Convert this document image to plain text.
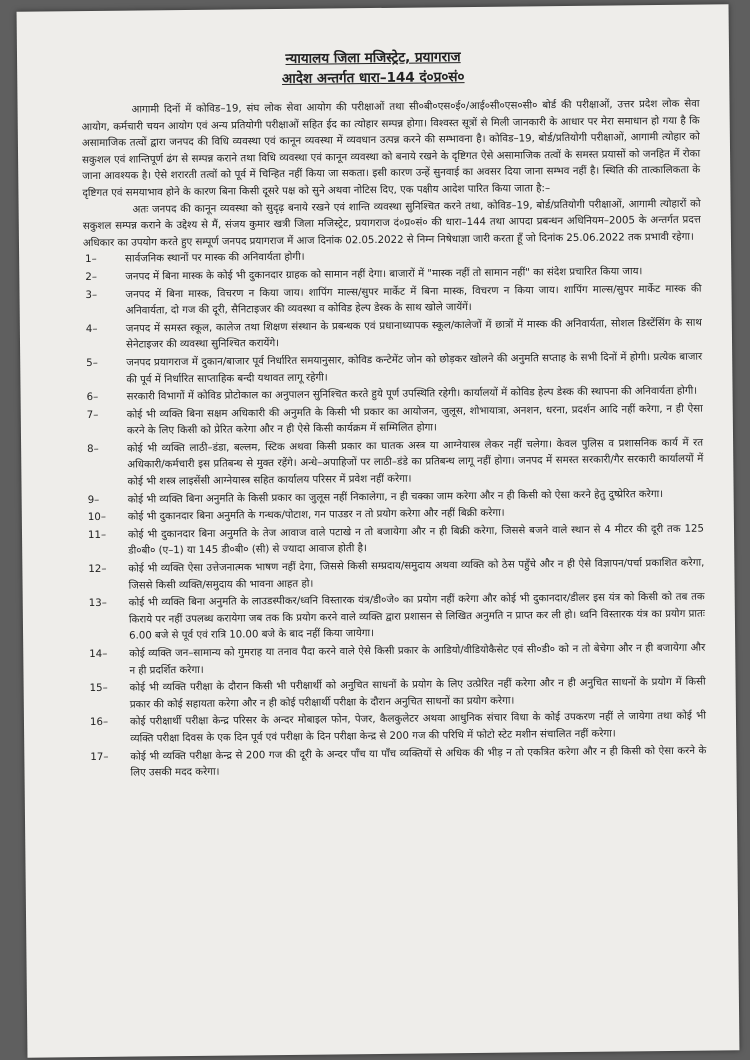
न्यायालय जिला मजिस्ट्रेट, प्रयागराज
आदेश अन्तर्गत धारा–144 दं०प्र०सं०

आगामी दिनों में कोविड–19, संघ लोक सेवा आयोग की परीक्षाओं तथा सी०बी०एस०ई०/आई०सी०एस०सी० बोर्ड की परीक्षाओं, उत्तर प्रदेश लोक सेवा आयोग, कर्मचारी चयन आयोग एवं अन्य प्रतियोगी परीक्षाओं सहित ईद का त्योहार सम्पन्न होगा। विश्वस्त सूत्रों से मिली जानकारी के आधार पर मेरा समाधान हो गया है कि असामाजिक तत्वों द्वारा जनपद की विधि व्यवस्था एवं कानून व्यवस्था में व्यवधान उत्पन्न करने की सम्भावना है। कोविड–19, बोर्ड/प्रतियोगी परीक्षाओं, आगामी त्योहार को सकुशल एवं शान्तिपूर्ण ढंग से सम्पन्न कराने तथा विधि व्यवस्था एवं कानून व्यवस्था को बनाये रखने के दृष्टिगत ऐसे असामाजिक तत्वों के समस्त प्रयासों को जनहित में रोका जाना आवश्यक है। ऐसे शरारती तत्वों को पूर्व में चिन्हित नहीं किया जा सकता। इसी कारण उन्हें सुनवाई का अवसर दिया जाना सम्भव नहीं है। स्थिति की तात्कालिकता के दृष्टिगत एवं समयाभाव होने के कारण बिना किसी दूसरे पक्ष को सुने अथवा नोटिस दिए, एक पक्षीय आदेश पारित किया जाता है:–

अतः जनपद की कानून व्यवस्था को सुदृढ़ बनाये रखने एवं शान्ति व्यवस्था सुनिश्चित करने तथा, कोविड–19, बोर्ड/प्रतियोगी परीक्षाओं, आगामी त्योहारों को सकुशल सम्पन्न कराने के उद्देश्य से मैं, संजय कुमार खत्री जिला मजिस्ट्रेट, प्रयागराज दं०प्र०सं० की धारा–144 तथा आपदा प्रबन्धन अधिनियम–2005 के अन्तर्गत प्रदत्त अधिकार का उपयोग करते हुए सम्पूर्ण जनपद प्रयागराज में आज दिनांक 02.05.2022 से निम्न निषेधाज्ञा जारी करता हूँ जो दिनांक 25.06.2022 तक प्रभावी रहेगा।

1–	सार्वजनिक स्थानों पर मास्क की अनिवार्यता होगी।
2–	जनपद में बिना मास्क के कोई भी दुकानदार ग्राहक को सामान नहीं देगा। बाजारों में "मास्क नहीं तो सामान नहीं" का संदेश प्रचारित किया जाय।
3–	जनपद में बिना मास्क, विचरण न किया जाय। शापिंग माल्स/सुपर मार्केट में बिना मास्क, विचरण न किया जाय। शापिंग माल्स/सुपर मार्केट मास्क की अनिवार्यता, दो गज की दूरी, सैनिटाइजर की व्यवस्था व कोविड हेल्प डेस्क के साथ खोले जायेंगें।
4–	जनपद में समस्त स्कूल, कालेज तथा शिक्षण संस्थान के प्रबन्धक एवं प्रधानाध्यापक स्कूल/कालेजों में छात्रों में मास्क की अनिवार्यता, सोशल डिस्टेंसिंग के साथ सेनेटाइजर की व्यवस्था सुनिश्चित करायेंगे।
5–	जनपद प्रयागराज में दुकान/बाजार पूर्व निर्धारित समयानुसार, कोविड कन्टेमेंट जोन को छोड़कर खोलने की अनुमति सप्ताह के सभी दिनों में होगी। प्रत्येक बाजार की पूर्व में निर्धारित साप्ताहिक बन्दी यथावत लागू रहेगी।
6–	सरकारी विभागों में कोविड प्रोटोकाल का अनुपालन सुनिश्चित करते हुये पूर्ण उपस्थिति रहेगी। कार्यालयों में कोविड हेल्प डेस्क की स्थापना की अनिवार्यता होगी।
7–	कोई भी व्यक्ति बिना सक्षम अधिकारी की अनुमति के किसी भी प्रकार का आयोजन, जुलूस, शोभायात्रा, अनशन, धरना, प्रदर्शन आदि नहीं करेगा, न ही ऐसा करने के लिए किसी को प्रेरित करेगा और न ही ऐसे किसी कार्यक्रम में सम्मिलित होगा।
8–	कोई भी व्यक्ति लाठी–डंडा, बल्लम, स्टिक अथवा किसी प्रकार का घातक अस्त्र या आग्नेयास्त्र लेकर नहीं चलेगा। केवल पुलिस व प्रशासनिक कार्य में रत अधिकारी/कर्मचारी इस प्रतिबन्ध से मुक्त रहेंगे। अन्धे–अपाहिजों पर लाठी–डंडे का प्रतिबन्ध लागू नहीं होगा। जनपद में समस्त सरकारी/गैर सरकारी कार्यालयों में कोई भी शस्त्र लाइसेंसी आग्नेयास्त्र सहित कार्यालय परिसर में प्रवेश नहीं करेगा।
9–	कोई भी व्यक्ति बिना अनुमति के किसी प्रकार का जुलूस नहीं निकालेगा, न ही चक्का जाम करेगा और न ही किसी को ऐसा करने हेतु दुष्प्रेरित करेगा।
10–	कोई भी दुकानदार बिना अनुमति के गन्धक/पोटाश, गन पाउडर न तो प्रयोग करेगा और नहीं बिक्री करेगा।
11–	कोई भी दुकानदार बिना अनुमति के तेज आवाज वाले पटाखे न तो बजायेगा और न ही बिक्री करेगा, जिससे बजने वाले स्थान से 4 मीटर की दूरी तक 125 डी०बी० (ए–1) या 145 डी०बी० (सी) से ज्यादा आवाज होती है।
12–	कोई भी व्यक्ति ऐसा उत्तेजनात्मक भाषण नहीं देगा, जिससे किसी सम्प्रदाय/समुदाय अथवा व्यक्ति को ठेस पहुँचे और न ही ऐसे विज्ञापन/पर्चा प्रकाशित करेगा, जिससे किसी व्यक्ति/समुदाय की भावना आहत हो।
13–	कोई भी व्यक्ति बिना अनुमति के लाउडस्पीकर/ध्वनि विस्तारक यंत्र/डी०जे० का प्रयोग नहीं करेगा और कोई भी दुकानदार/डीलर इस यंत्र को किसी को तब तक किराये पर नहीं उपलब्ध करायेगा जब तक कि प्रयोग करने वाले व्यक्ति द्वारा प्रशासन से लिखित अनुमति न प्राप्त कर ली हो। ध्वनि विस्तारक यंत्र का प्रयोग प्रातः 6.00 बजे से पूर्व एवं रात्रि 10.00 बजे के बाद नहीं किया जायेगा।
14–	कोई व्यक्ति जन–सामान्य को गुमराह या तनाव पैदा करने वाले ऐसे किसी प्रकार के आडियो/वीडियोकैसेट एवं सी०डी० को न तो बेचेगा और न ही बजायेगा और न ही प्रदर्शित करेगा।
15–	कोई भी व्यक्ति परीक्षा के दौरान किसी भी परीक्षार्थी को अनुचित साधनों के प्रयोग के लिए उत्प्रेरित नहीं करेगा और न ही अनुचित साधनों के प्रयोग में किसी प्रकार की कोई सहायता करेगा और न ही कोई परीक्षार्थी परीक्षा के दौरान अनुचित साधनों का प्रयोग करेगा।
16–	कोई परीक्षार्थी परीक्षा केन्द्र परिसर के अन्दर मोबाइल फोन, पेजर, कैलकुलेटर अथवा आधुनिक संचार विधा के कोई उपकरण नहीं ले जायेगा तथा कोई भी व्यक्ति परीक्षा दिवस के एक दिन पूर्व एवं परीक्षा के दिन परीक्षा केन्द्र से 200 गज की परिधि में फोटो स्टेट मशीन संचालित नहीं करेगा।
17–	कोई भी व्यक्ति परीक्षा केन्द्र से 200 गज की दूरी के अन्दर पाँच या पाँच व्यक्तियों से अधिक की भीड़ न तो एकत्रित करेगा और न ही किसी को ऐसा करने के लिए उसकी मदद करेगा।
